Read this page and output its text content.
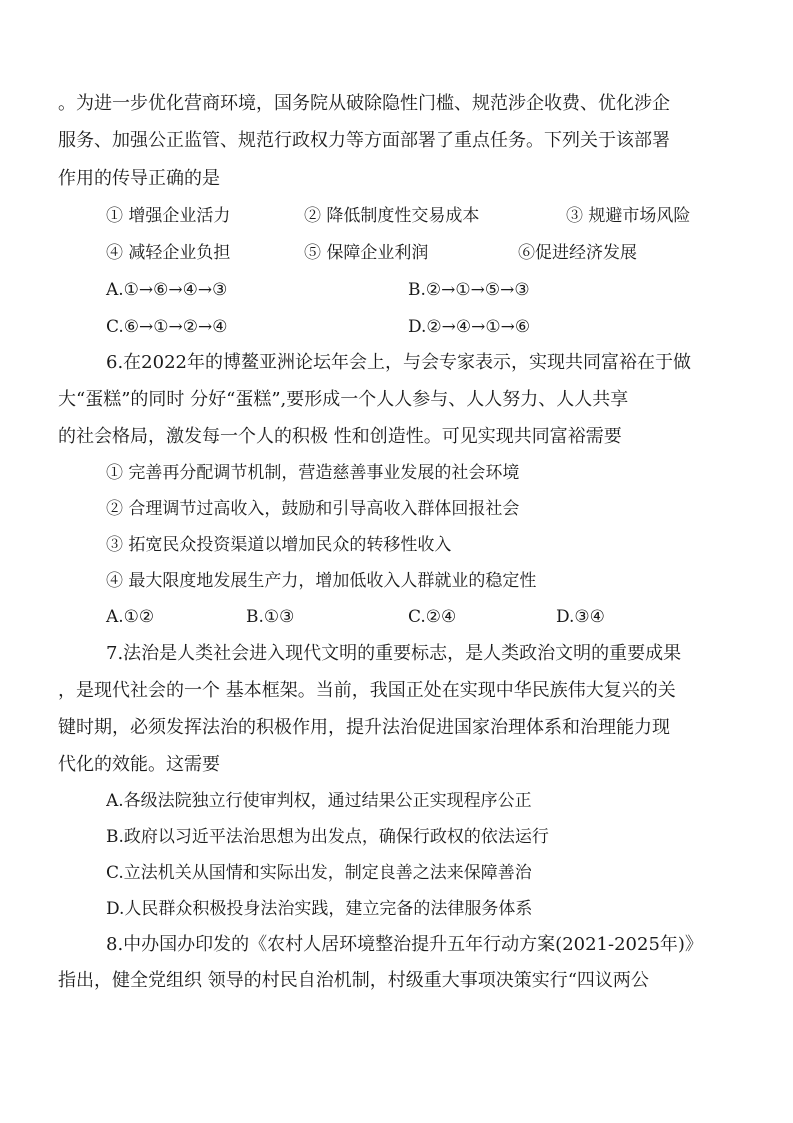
。为进一步优化营商环境，国务院从破除隐性门槛、规范涉企收费、优化涉企
服务、加强公正监管、规范行政权力等方面部署了重点任务。下列关于该部署
作用的传导正确的是
① 增强企业活力	② 降低制度性交易成本	③ 规避市场风险
④ 减轻企业负担	⑤ 保障企业利润	⑥促进经济发展
A.①→⑥→④→③	B.②→①→⑤→③
C.⑥→①→②→④	D.②→④→①→⑥
6.在2022年的博鳌亚洲论坛年会上，与会专家表示，实现共同富裕在于做
大“蛋糕”的同时 分好“蛋糕”,要形成一个人人参与、人人努力、人人共享
的社会格局，激发每一个人的积极 性和创造性。可见实现共同富裕需要
① 完善再分配调节机制，营造慈善事业发展的社会环境
② 合理调节过高收入，鼓励和引导高收入群体回报社会
③ 拓宽民众投资渠道以增加民众的转移性收入
④ 最大限度地发展生产力，增加低收入人群就业的稳定性
A.①②	B.①③	C.②④	D.③④
7.法治是人类社会进入现代文明的重要标志，是人类政治文明的重要成果
，是现代社会的一个 基本框架。当前，我国正处在实现中华民族伟大复兴的关
键时期，必须发挥法治的积极作用，提升法治促进国家治理体系和治理能力现
代化的效能。这需要
A.各级法院独立行使审判权，通过结果公正实现程序公正
B.政府以习近平法治思想为出发点，确保行政权的依法运行
C.立法机关从国情和实际出发，制定良善之法来保障善治
D.人民群众积极投身法治实践，建立完备的法律服务体系
8.中办国办印发的《农村人居环境整治提升五年行动方案(2021-2025年)》
指出，健全党组织 领导的村民自治机制，村级重大事项决策实行“四议两公
